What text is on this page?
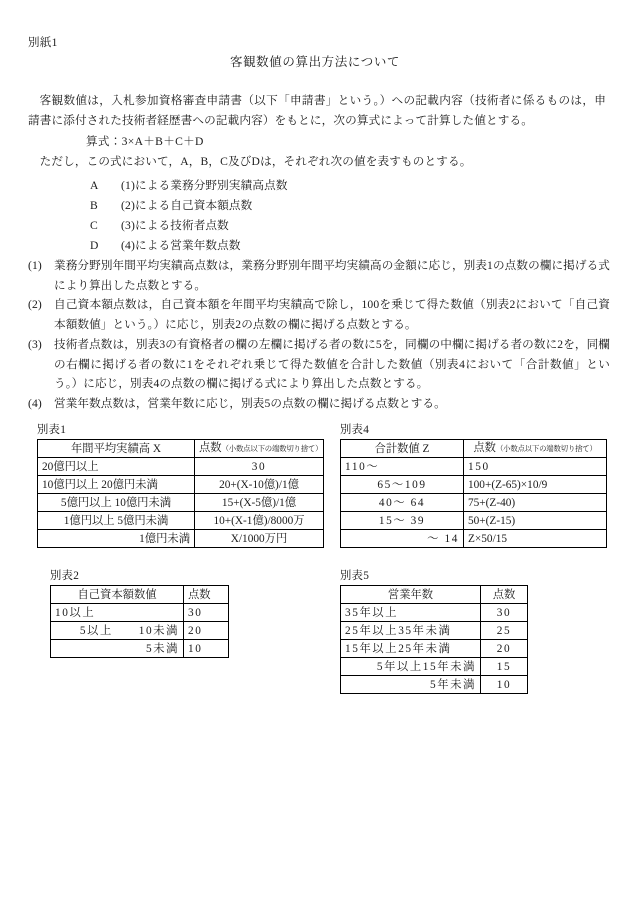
別紙1
客観数値の算出方法について
客観数値は，入札参加資格審査申請書（以下「申請書」という。）への記載内容（技術者に係るものは，申請書に添付された技術者経歴書への記載内容）をもとに，次の算式によって計算した値とする。
算式：3×A＋B＋C＋D
ただし，この式において，A，B，C及びDは，それぞれ次の値を表すものとする。
A	(1)による業務分野別実績高点数
B	(2)による自己資本額点数
C	(3)による技術者点数
D	(4)による営業年数点数
(1)	業務分野別年間平均実績高点数は，業務分野別年間平均実績高の金額に応じ，別表1の点数の欄に掲げる式により算出した点数とする。
(2)	自己資本額点数は，自己資本額を年間平均実績高で除し，100を乗じて得た数値（別表2において「自己資本額数値」という。）に応じ，別表2の点数の欄に掲げる点数とする。
(3)	技術者点数は，別表3の有資格者の欄の左欄に掲げる者の数に5を，同欄の中欄に掲げる者の数に2を，同欄の右欄に掲げる者の数に1をそれぞれ乗じて得た数値を合計した数値（別表4において「合計数値」という。）に応じ，別表4の点数の欄に掲げる式により算出した点数とする。
(4)	営業年数点数は，営業年数に応じ，別表5の点数の欄に掲げる点数とする。
別表1
年間平均実績高 X	点数（小数点以下の端数切り捨て）
20億円以上	30
10億円以上 20億円未満	20+(X-10億)/1億
5億円以上 10億円未満	15+(X-5億)/1億
1億円以上 5億円未満	10+(X-1億)/8000万
1億円未満	X/1000万円
別表4
合計数値 Z	点数（小数点以下の端数切り捨て）
110～	150
65～109	100+(Z-65)×10/9
40～ 64	75+(Z-40)
15～ 39	50+(Z-15)
～ 14	Z×50/15
別表2
自己資本額数値	点数
10以上	30
5以上　　10未満	20
5未満	10
別表5
営業年数	点数
35年以上	30
25年以上35年未満	25
15年以上25年未満	20
5年以上15年未満	15
5年未満	10
